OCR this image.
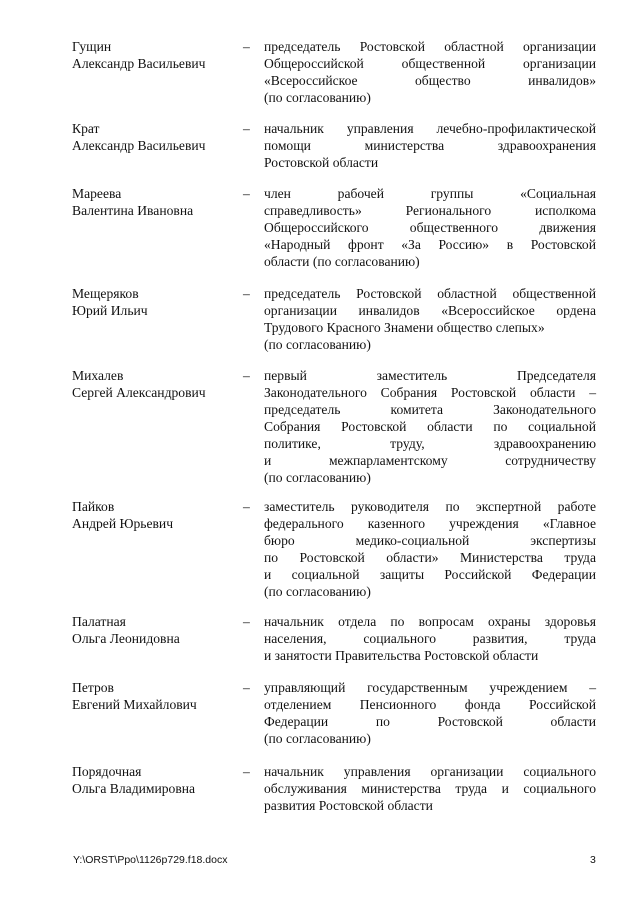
Гущин
Александр Васильевич
– председатель Ростовской областной организации
Общероссийской общественной организации
«Всероссийское общество инвалидов»
(по согласованию)
Крат
Александр Васильевич
– начальник управления лечебно-профилактической
помощи министерства здравоохранения
Ростовской области
Мареева
Валентина Ивановна
– член рабочей группы «Социальная
справедливость» Регионального исполкома
Общероссийского общественного движения
«Народный фронт «За Россию» в Ростовской
области (по согласованию)
Мещеряков
Юрий Ильич
– председатель Ростовской областной общественной
организации инвалидов «Всероссийское ордена
Трудового Красного Знамени общество слепых»
(по согласованию)
Михалев
Сергей Александрович
– первый заместитель Председателя
Законодательного Собрания Ростовской области –
председатель комитета Законодательного
Собрания Ростовской области по социальной
политике, труду, здравоохранению
и межпарламентскому сотрудничеству
(по согласованию)
Пайков
Андрей Юрьевич
– заместитель руководителя по экспертной работе
федерального казенного учреждения «Главное
бюро медико-социальной экспертизы
по Ростовской области» Министерства труда
и социальной защиты Российской Федерации
(по согласованию)
Палатная
Ольга Леонидовна
– начальник отдела по вопросам охраны здоровья
населения, социального развития, труда
и занятости Правительства Ростовской области
Петров
Евгений Михайлович
– управляющий государственным учреждением –
отделением Пенсионного фонда Российской
Федерации по Ростовской области
(по согласованию)
Порядочная
Ольга Владимировна
– начальник управления организации социального
обслуживания министерства труда и социального
развития Ростовской области
Y:\ORST\Ppo\1126p729.f18.docx	3
